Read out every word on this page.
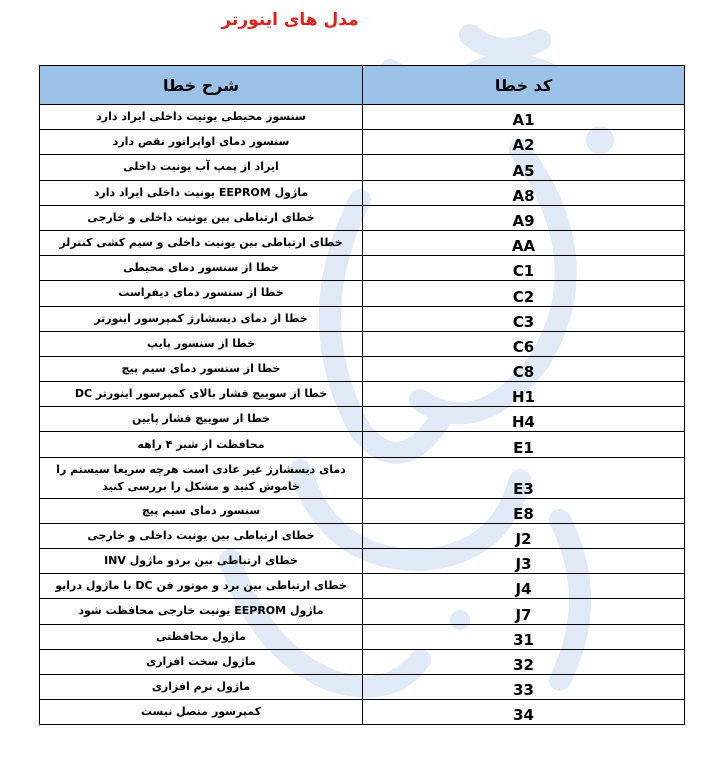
مدل های اینورتر
کد خطا	شرح خطا
A1	سنسور محیطی یونیت داخلی ایراد دارد
A2	سنسور دمای اواپراتور نقص دارد
A5	ایراد از پمپ آب یونیت داخلی
A8	ماژول EEPROM یونیت داخلی ایراد دارد
A9	خطای ارتباطی بین یونیت داخلی و خارجی
AA	خطای ارتباطی بین یونیت داخلی و سیم کشی کنترلر
C1	خطا از سنسور دمای محیطی
C2	خطا از سنسور دمای دیفراست
C3	خطا از دمای دیسشارژ کمپرسور اینورتر
C6	خطا از سنسور پایپ
C8	خطا از سنسور دمای سیم پیچ
H1	خطا از سوییچ فشار بالای کمپرسور اینورتر DC
H4	خطا از سوییچ فشار پایین
E1	محافظت از شیر ۴ راهه
E3	دمای دیسشارژ غیر عادی است هرچه سریعا سیستم را خاموش کنید و مشکل را بررسی کنید
E8	سنسور دمای سیم پیچ
J2	خطای ارتباطی بین یونیت داخلی و خارجی
J3	خطای ارتباطی بین بردو ماژول INV
J4	خطای ارتباطی بین برد و موتور فن DC با ماژول درایو
J7	ماژول EEPROM یونیت خارجی محافظت شود
31	ماژول محافظتی
32	ماژول سخت افزاری
33	ماژول نرم افزاری
34	کمپرسور متصل نیست
